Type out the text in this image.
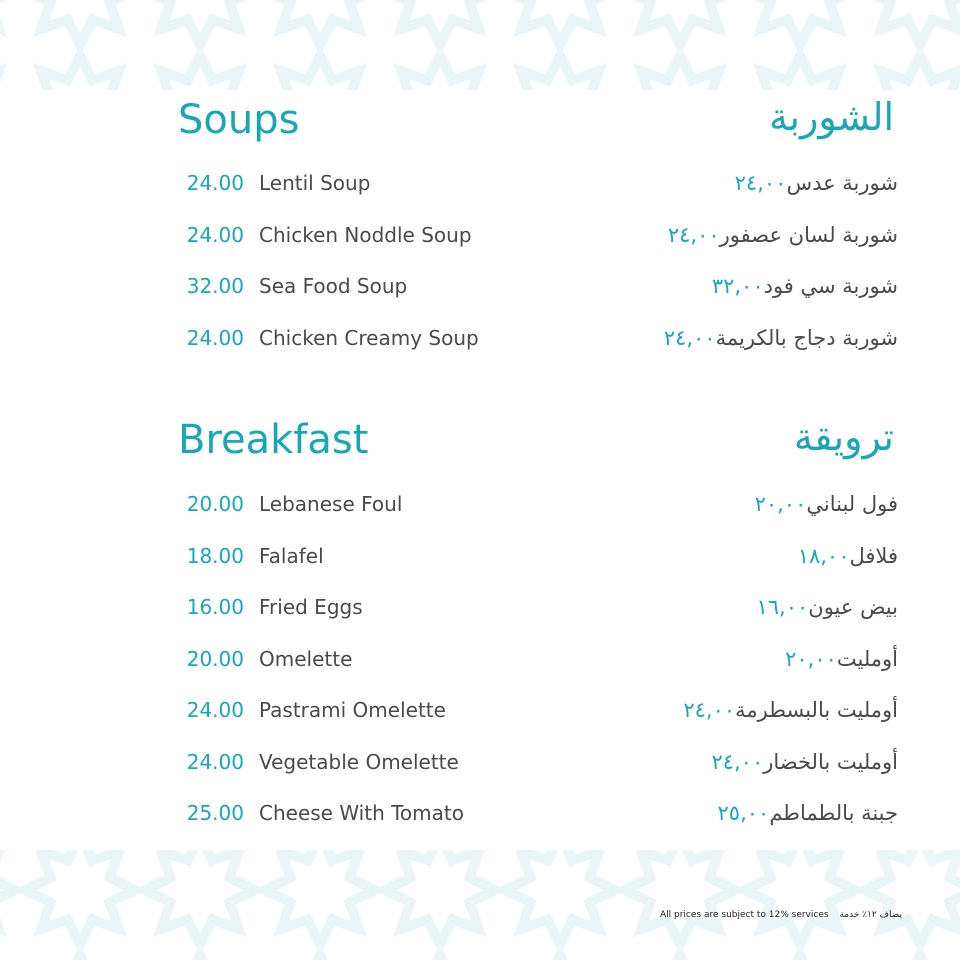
Soups	الشوربة
24.00 Lentil Soup	شوربة عدس٢٤,٠٠
24.00 Chicken Noddle Soup	شوربة لسان عصفور٢٤,٠٠
32.00 Sea Food Soup	شوربة سي فود٣٢,٠٠
24.00 Chicken Creamy Soup	شوربة دجاج بالكريمة٢٤,٠٠
Breakfast	ترويقة
20.00 Lebanese Foul	فول لبناني٢٠,٠٠
18.00 Falafel	فلافل١٨,٠٠
16.00 Fried Eggs	بيض عيون١٦,٠٠
20.00 Omelette	أومليت٢٠,٠٠
24.00 Pastrami Omelette	أومليت بالبسطرمة٢٤,٠٠
24.00 Vegetable Omelette	أومليت بالخضار٢٤,٠٠
25.00 Cheese With Tomato	جبنة بالطماطم٢٥,٠٠
All prices are subject to 12% services يضاف ١٢٪ خدمة
